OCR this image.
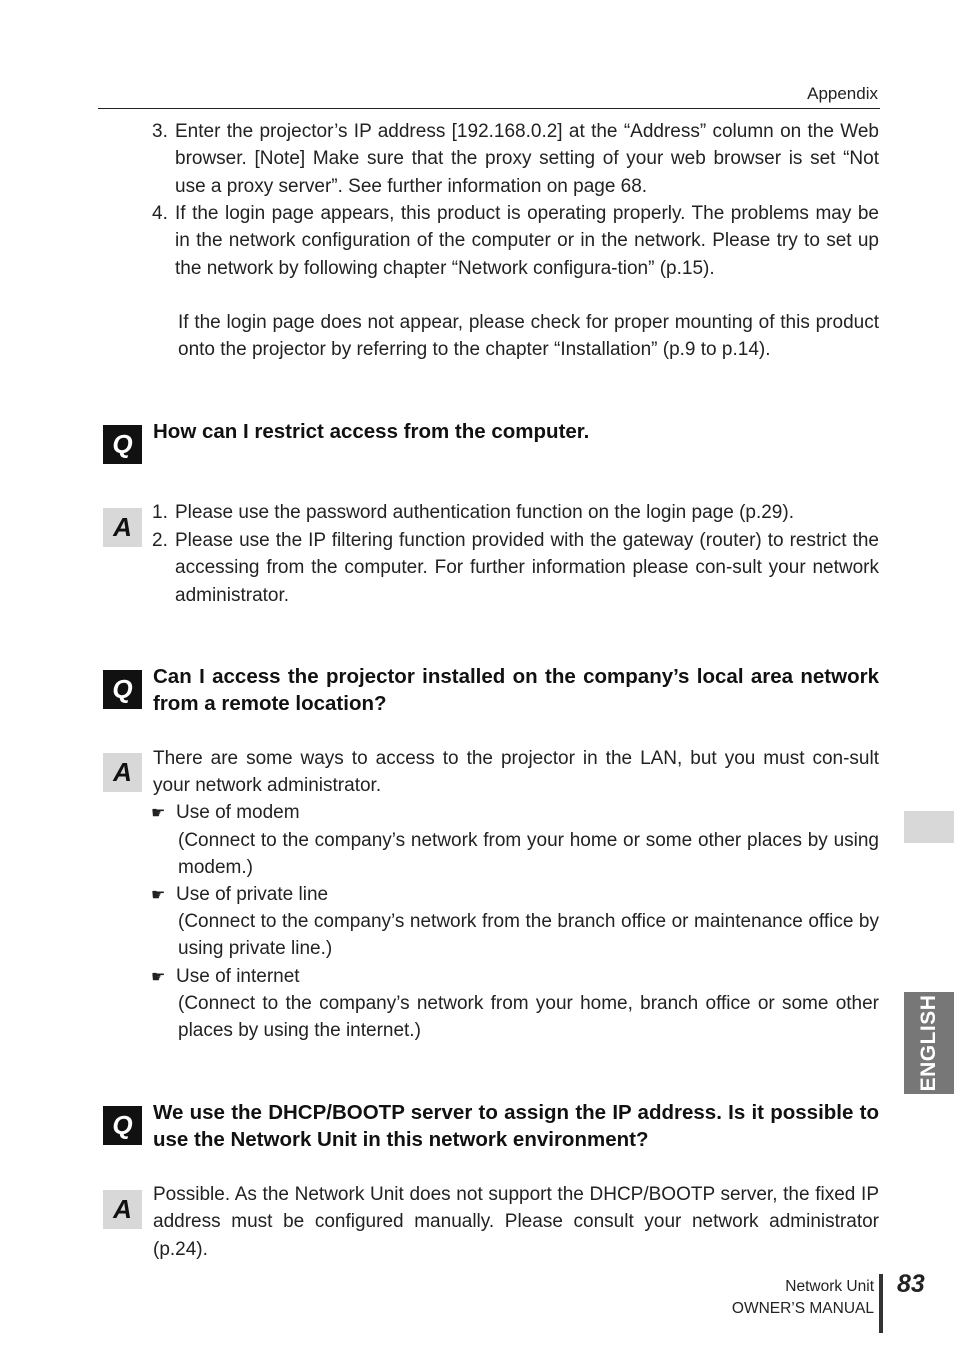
Appendix
3. Enter the projector’s IP address [192.168.0.2] at the “Address” column on the Web browser. [Note] Make sure that the proxy setting of your web browser is set “Not use a proxy server”. See further information on page 68.
4. If the login page appears, this product is operating properly. The problems may be in the network configuration of the computer or in the network. Please try to set up the network by following chapter “Network configura-tion” (p.15).
If the login page does not appear, please check for proper mounting of this product onto the projector by referring to the chapter “Installation” (p.9 to p.14).
Q How can I restrict access from the computer.
A	1. Please use the password authentication function on the login page (p.29).
2. Please use the IP filtering function provided with the gateway (router) to restrict the accessing from the computer. For further information please con-sult your network administrator.
Q Can I access the projector installed on the company’s local area network from a remote location?
A	There are some ways to access to the projector in the LAN, but you must con-sult your network administrator.
☛ Use of modem
(Connect to the company’s network from your home or some other places by using modem.)
☛ Use of private line
(Connect to the company’s network from the branch office or maintenance office by using private line.)
☛ Use of internet
(Connect to the company’s network from your home, branch office or some other places by using the internet.)
Q We use the DHCP/BOOTP server to assign the IP address. Is it possible to use the Network Unit in this network environment?
A	Possible. As the Network Unit does not support the DHCP/BOOTP server, the fixed IP address must be configured manually. Please consult your network administrator (p.24).
ENGLISH
Network Unit
OWNER’S MANUAL
83
